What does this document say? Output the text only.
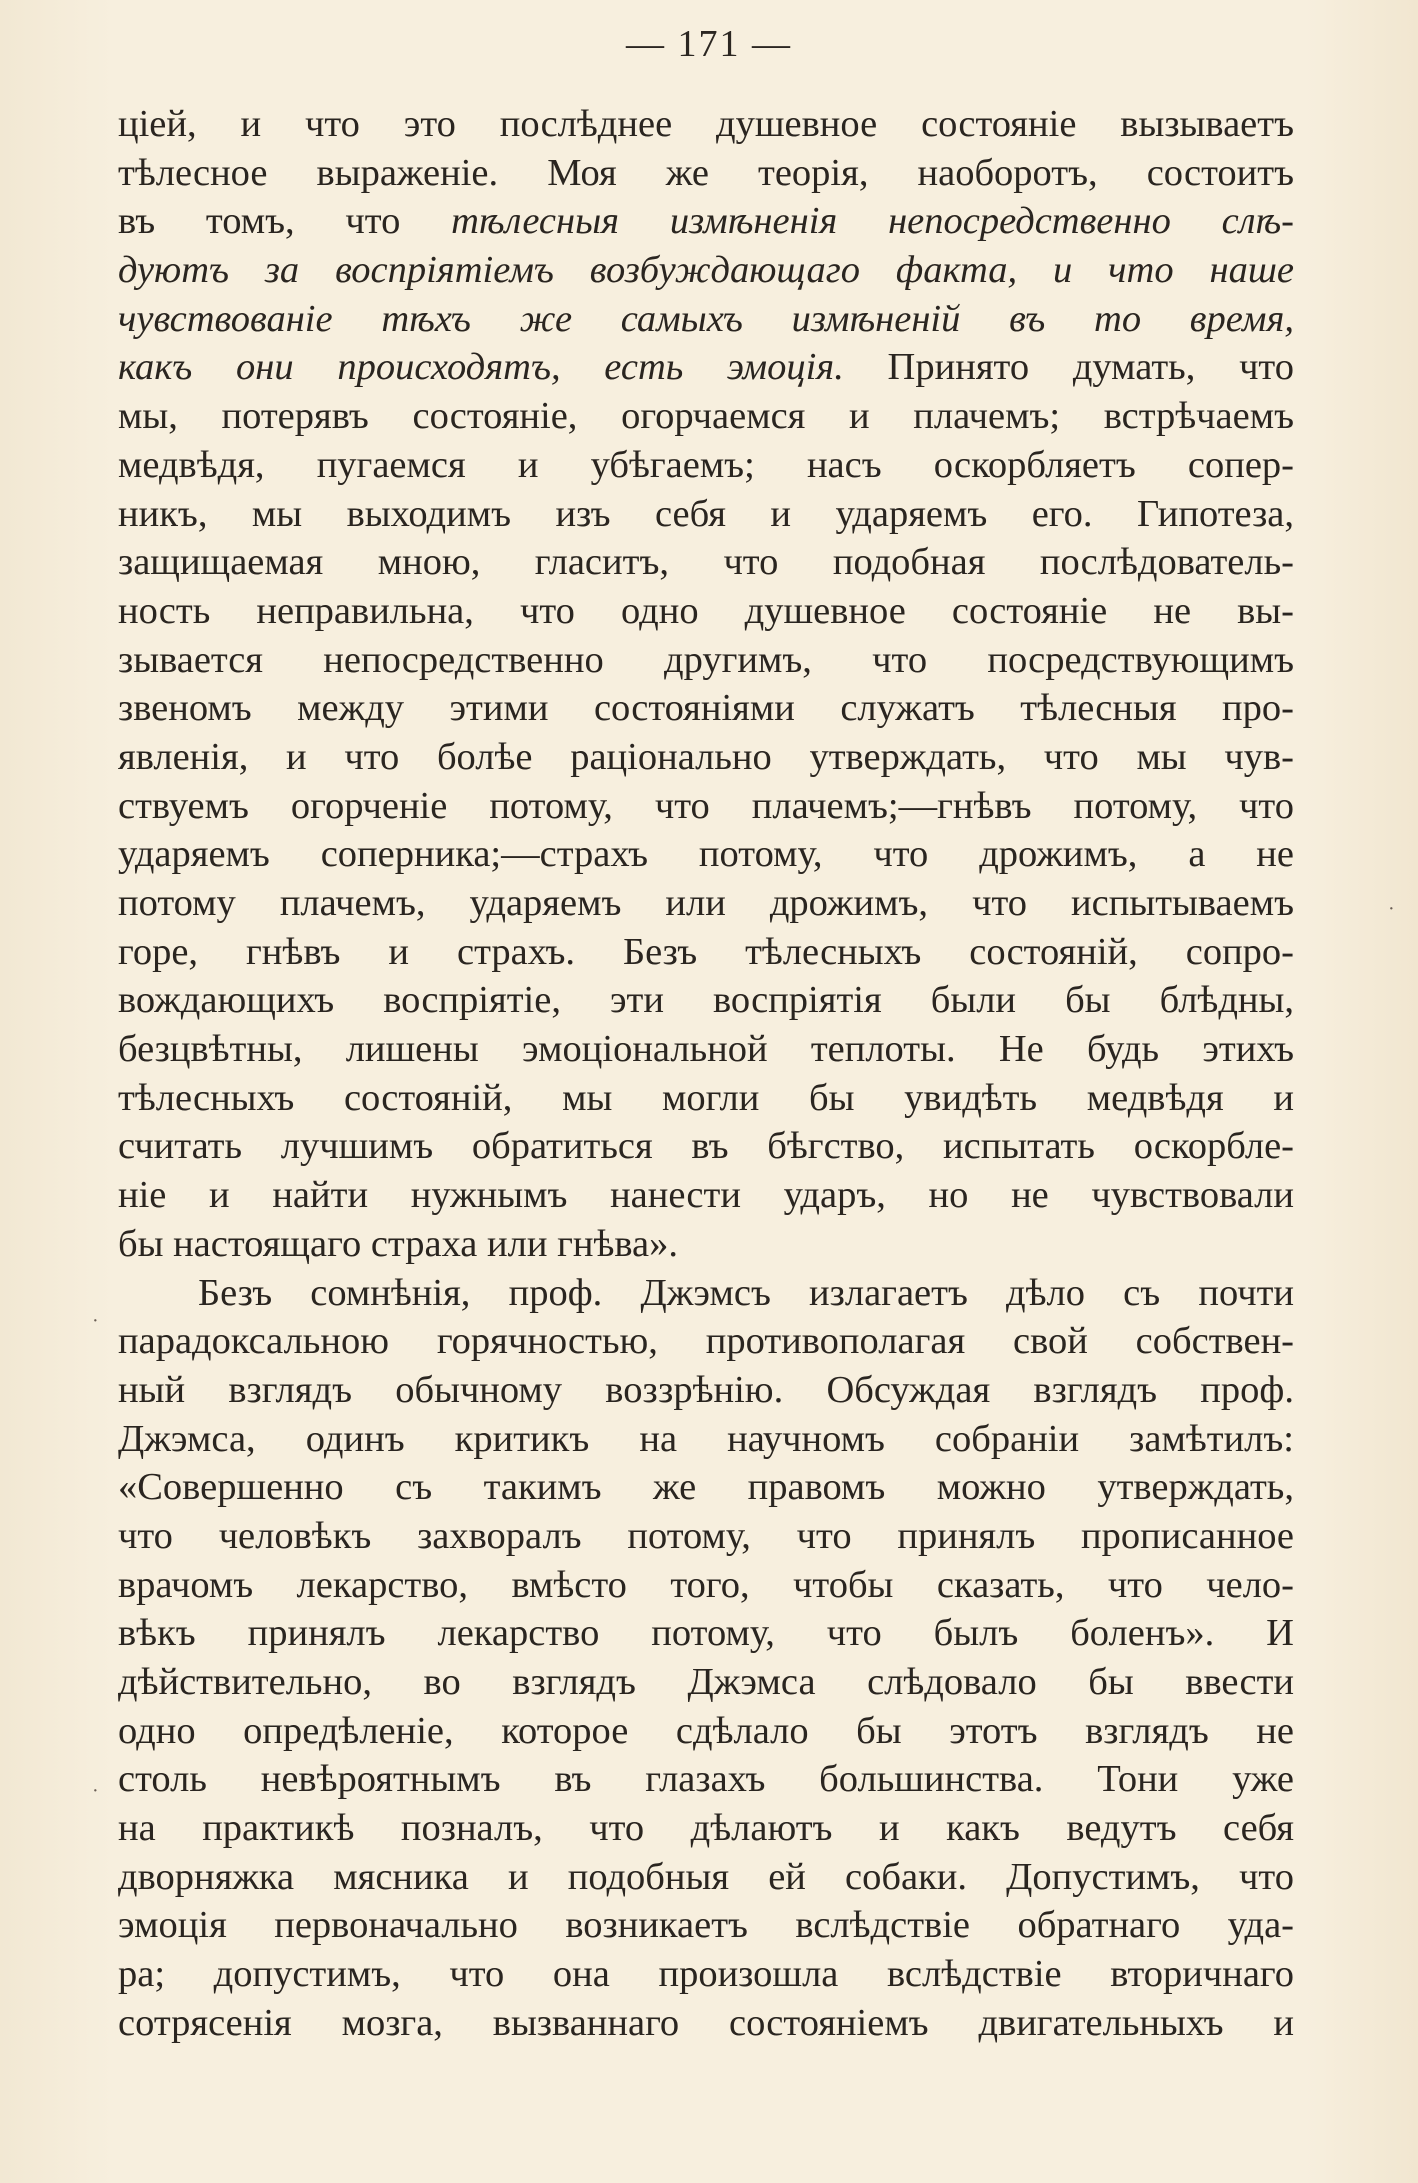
— 171 —
ціей, и что это послѣднее душевное состояніе вызываетъ
тѣлесное выраженіе. Моя же теорія, наоборотъ, состоитъ
въ томъ, что тѣлесныя измѣненія непосредственно слѣ-
дуютъ за воспріятіемъ возбуждающаго факта, и что наше
чувствованіе тѣхъ же самыхъ измѣненій въ то время,
какъ они происходятъ, есть эмоція. Принято думать, что
мы, потерявъ состояніе, огорчаемся и плачемъ; встрѣчаемъ
медвѣдя, пугаемся и убѣгаемъ; насъ оскорбляетъ сопер-
никъ, мы выходимъ изъ себя и ударяемъ его. Гипотеза,
защищаемая мною, гласитъ, что подобная послѣдователь-
ность неправильна, что одно душевное состояніе не вы-
зывается непосредственно другимъ, что посредствующимъ
звеномъ между этими состояніями служатъ тѣлесныя про-
явленія, и что болѣе раціонально утверждать, что мы чув-
ствуемъ огорченіе потому, что плачемъ;—гнѣвъ потому, что
ударяемъ соперника;—страхъ потому, что дрожимъ, а не
потому плачемъ, ударяемъ или дрожимъ, что испытываемъ
горе, гнѣвъ и страхъ. Безъ тѣлесныхъ состояній, сопро-
вождающихъ воспріятіе, эти воспріятія были бы блѣдны,
безцвѣтны, лишены эмоціональной теплоты. Не будь этихъ
тѣлесныхъ состояній, мы могли бы увидѣть медвѣдя и
считать лучшимъ обратиться въ бѣгство, испытать оскорбле-
ніе и найти нужнымъ нанести ударъ, но не чувствовали
бы настоящаго страха или гнѣва».
Безъ сомнѣнія, проф. Джэмсъ излагаетъ дѣло съ почти
парадоксальною горячностью, противополагая свой собствен-
ный взглядъ обычному воззрѣнію. Обсуждая взглядъ проф.
Джэмса, одинъ критикъ на научномъ собраніи замѣтилъ:
«Совершенно съ такимъ же правомъ можно утверждать,
что человѣкъ захворалъ потому, что принялъ прописанное
врачомъ лекарство, вмѣсто того, чтобы сказать, что чело-
вѣкъ принялъ лекарство потому, что былъ боленъ». И
дѣйствительно, во взглядъ Джэмса слѣдовало бы ввести
одно опредѣленіе, которое сдѣлало бы этотъ взглядъ не
столь невѣроятнымъ въ глазахъ большинства. Тони уже
на практикѣ позналъ, что дѣлаютъ и какъ ведутъ себя
дворняжка мясника и подобныя ей собаки. Допустимъ, что
эмоція первоначально возникаетъ вслѣдствіе обратнаго уда-
ра; допустимъ, что она произошла вслѣдствіе вторичнаго
сотрясенія мозга, вызваннаго состояніемъ двигательныхъ и
·
·
·
